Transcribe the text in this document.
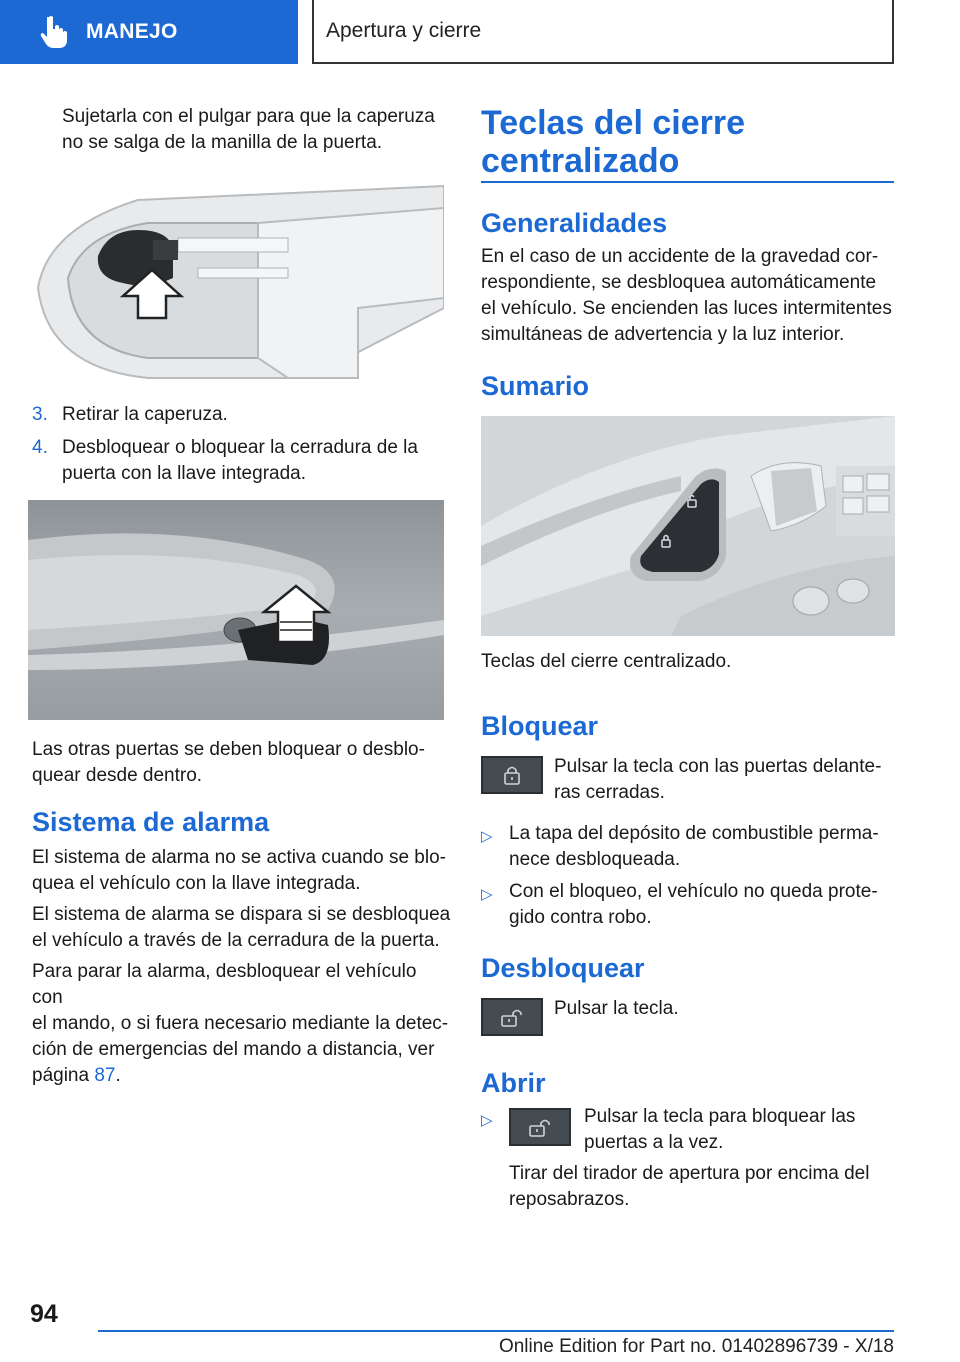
MANEJO	Apertura y cierre
Sujetarla con el pulgar para que la caperuza
no se salga de la manilla de la puerta.
3. Retirar la caperuza.
4. Desbloquear o bloquear la cerradura de la
puerta con la llave integrada.
Las otras puertas se deben bloquear o desblo-
quear desde dentro.
Sistema de alarma
El sistema de alarma no se activa cuando se blo-
quea el vehículo con la llave integrada.
El sistema de alarma se dispara si se desbloquea
el vehículo a través de la cerradura de la puerta.
Para parar la alarma, desbloquear el vehículo con
el mando, o si fuera necesario mediante la detec-
ción de emergencias del mando a distancia, ver
página 87.
Teclas del cierre
centralizado
Generalidades
En el caso de un accidente de la gravedad cor-
respondiente, se desbloquea automáticamente
el vehículo. Se encienden las luces intermitentes
simultáneas de advertencia y la luz interior.
Sumario
Teclas del cierre centralizado.
Bloquear
Pulsar la tecla con las puertas delante-
ras cerradas.
▷ La tapa del depósito de combustible perma-
nece desbloqueada.
▷ Con el bloqueo, el vehículo no queda prote-
gido contra robo.
Desbloquear
Pulsar la tecla.
Abrir
▷	Pulsar la tecla para bloquear las
puertas a la vez.
Tirar del tirador de apertura por encima del
reposabrazos.
94
Online Edition for Part no. 01402896739 - X/18
